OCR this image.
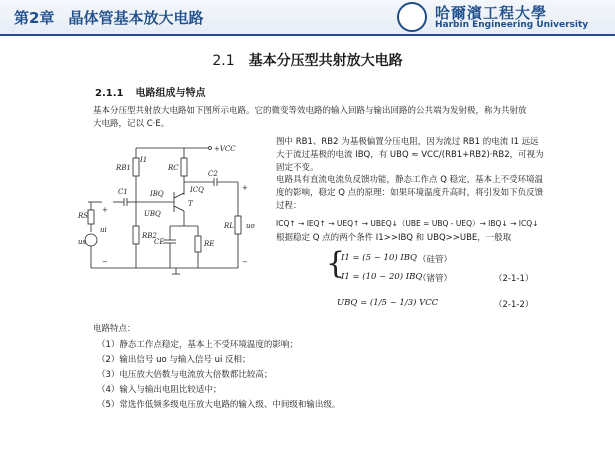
第2章 晶体管基本放大电路	哈爾濱工程大學
Harbin Engineering University
2.1 基本分压型共射放大电路
2.1.1 电路组成与特点
基本分压型共射放大电路如下图所示电路。它的微变等效电路的输入回路与输出回路的公共端为发射极，称为共射放大电路，记以 C·E。
+VCC
RB1
RB2
RC
RE
CE
RL
RS
C1
C2
I1
IBQ	ICQ
UBQ
T
us
ui	uo
+
−
+
−
图中 RB1、RB2 为基极偏置分压电阻，因为流过 RB1 的电流 I1 远远大于流过基极的电流 IBQ，有 UBQ ≈ VCC/(RB1+RB2)·RB2，可视为固定不变。
电路具有直流电流负反馈功能，静态工作点 Q 稳定，基本上不受环境温度的影响，稳定 Q 点的原理：如果环境温度升高时，将引发如下负反馈过程：
ICQ↑ → IEQ↑ → UEQ↑ → UBEQ↓（UBE = UBQ - UEQ）→ IBQ↓ → ICQ↓
根据稳定 Q 点的两个条件 I1>>IBQ 和 UBQ>>UBE，一般取
{
I1 = (5 ~ 10) IBQ （硅管）
I1 = (10 ~ 20) IBQ
（锗管）	（2-1-1）
UBQ = (1/5 ~ 1/3) VCC	（2-1-2）
电路特点：
（1）静态工作点稳定，基本上不受环境温度的影响；
（2）输出信号 uo 与输入信号 ui 反相；
（3）电压放大倍数与电流放大倍数都比较高；
（4）输入与输出电阻比较适中；
（5）常选作低频多级电压放大电路的输入级、中间级和输出级。
